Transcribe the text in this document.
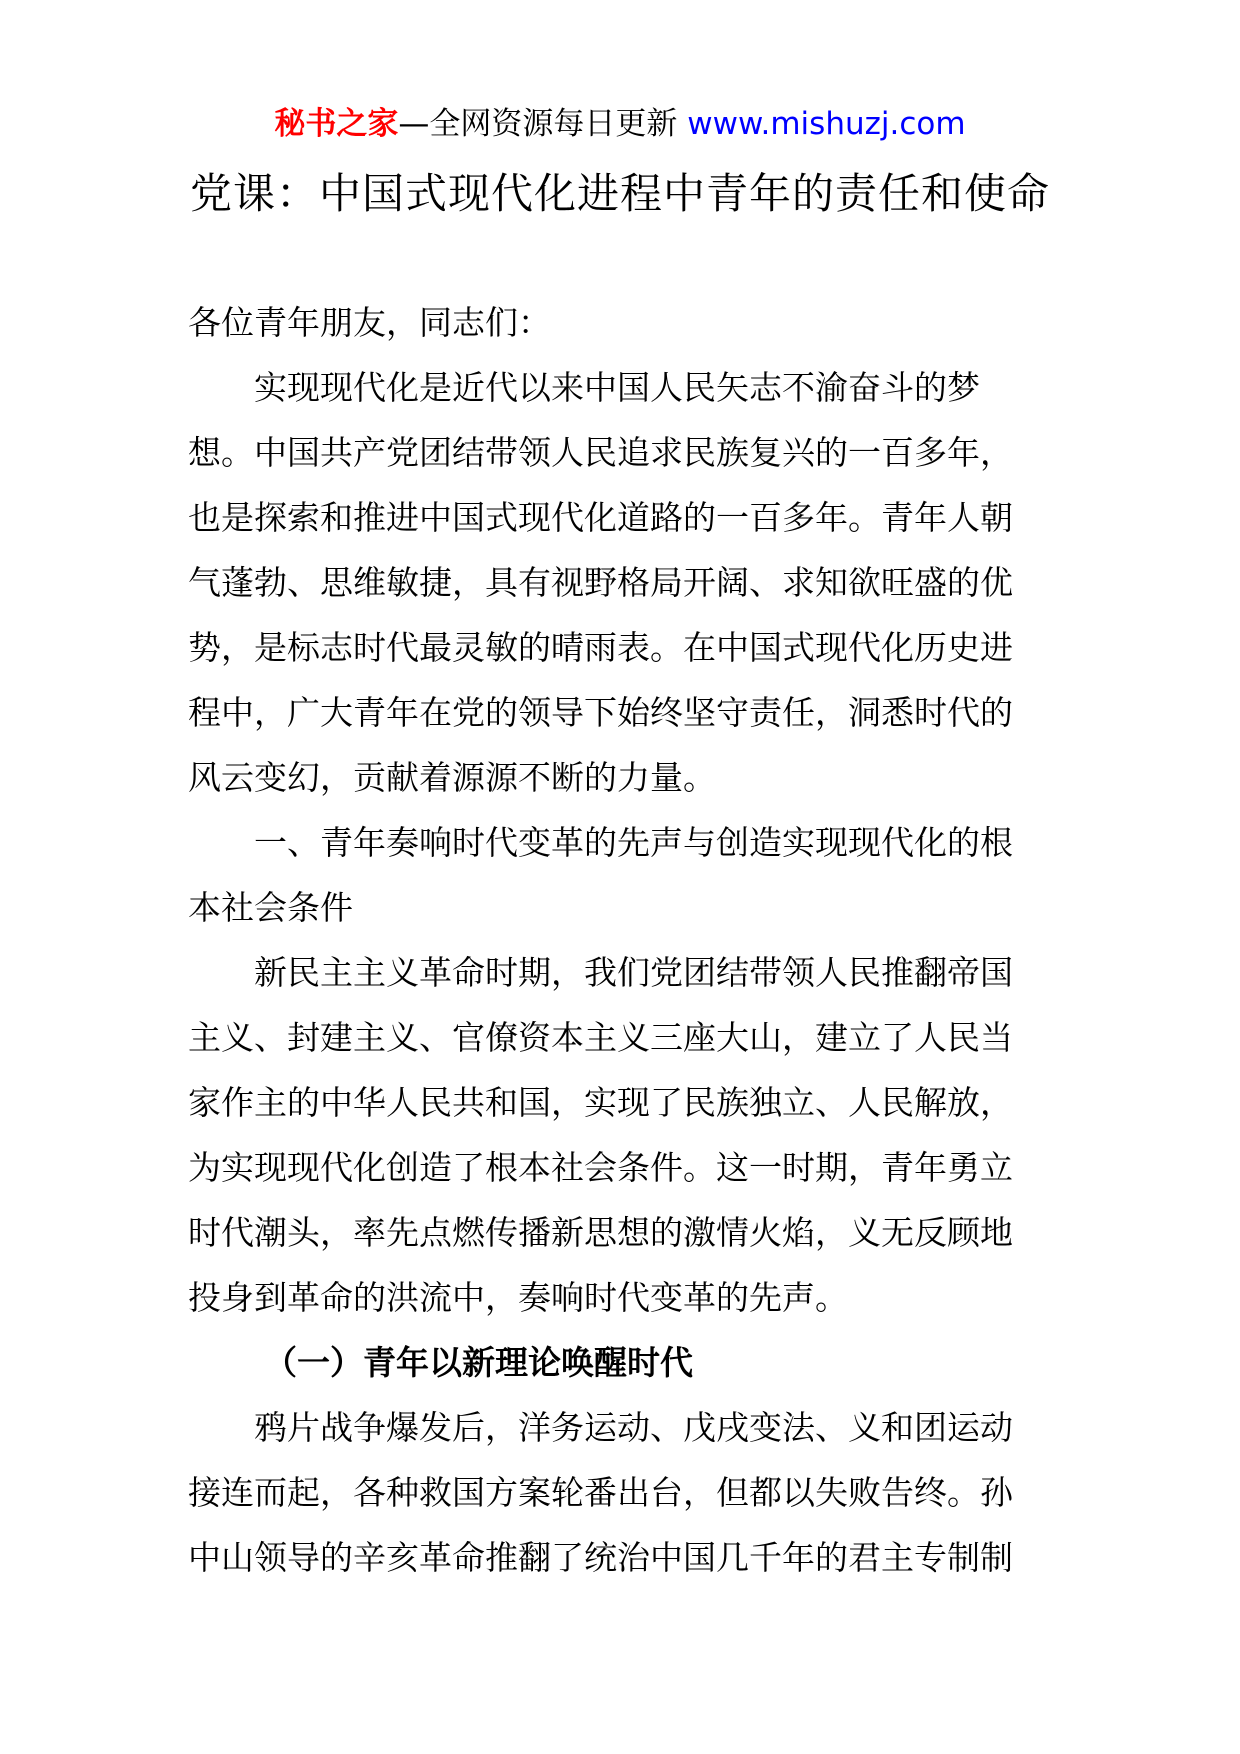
秘书之家—全网资源每日更新 www.mishuzj.com
党课：中国式现代化进程中青年的责任和使命
各位青年朋友，同志们：
实现现代化是近代以来中国人民矢志不渝奋斗的梦
想。中国共产党团结带领人民追求民族复兴的一百多年，
也是探索和推进中国式现代化道路的一百多年。青年人朝
气蓬勃、思维敏捷，具有视野格局开阔、求知欲旺盛的优
势，是标志时代最灵敏的晴雨表。在中国式现代化历史进
程中，广大青年在党的领导下始终坚守责任，洞悉时代的
风云变幻，贡献着源源不断的力量。
一、青年奏响时代变革的先声与创造实现现代化的根
本社会条件
新民主主义革命时期，我们党团结带领人民推翻帝国
主义、封建主义、官僚资本主义三座大山，建立了人民当
家作主的中华人民共和国，实现了民族独立、人民解放，
为实现现代化创造了根本社会条件。这一时期，青年勇立
时代潮头，率先点燃传播新思想的激情火焰，义无反顾地
投身到革命的洪流中，奏响时代变革的先声。
（一）青年以新理论唤醒时代
鸦片战争爆发后，洋务运动、戊戌变法、义和团运动
接连而起，各种救国方案轮番出台，但都以失败告终。孙
中山领导的辛亥革命推翻了统治中国几千年的君主专制制
